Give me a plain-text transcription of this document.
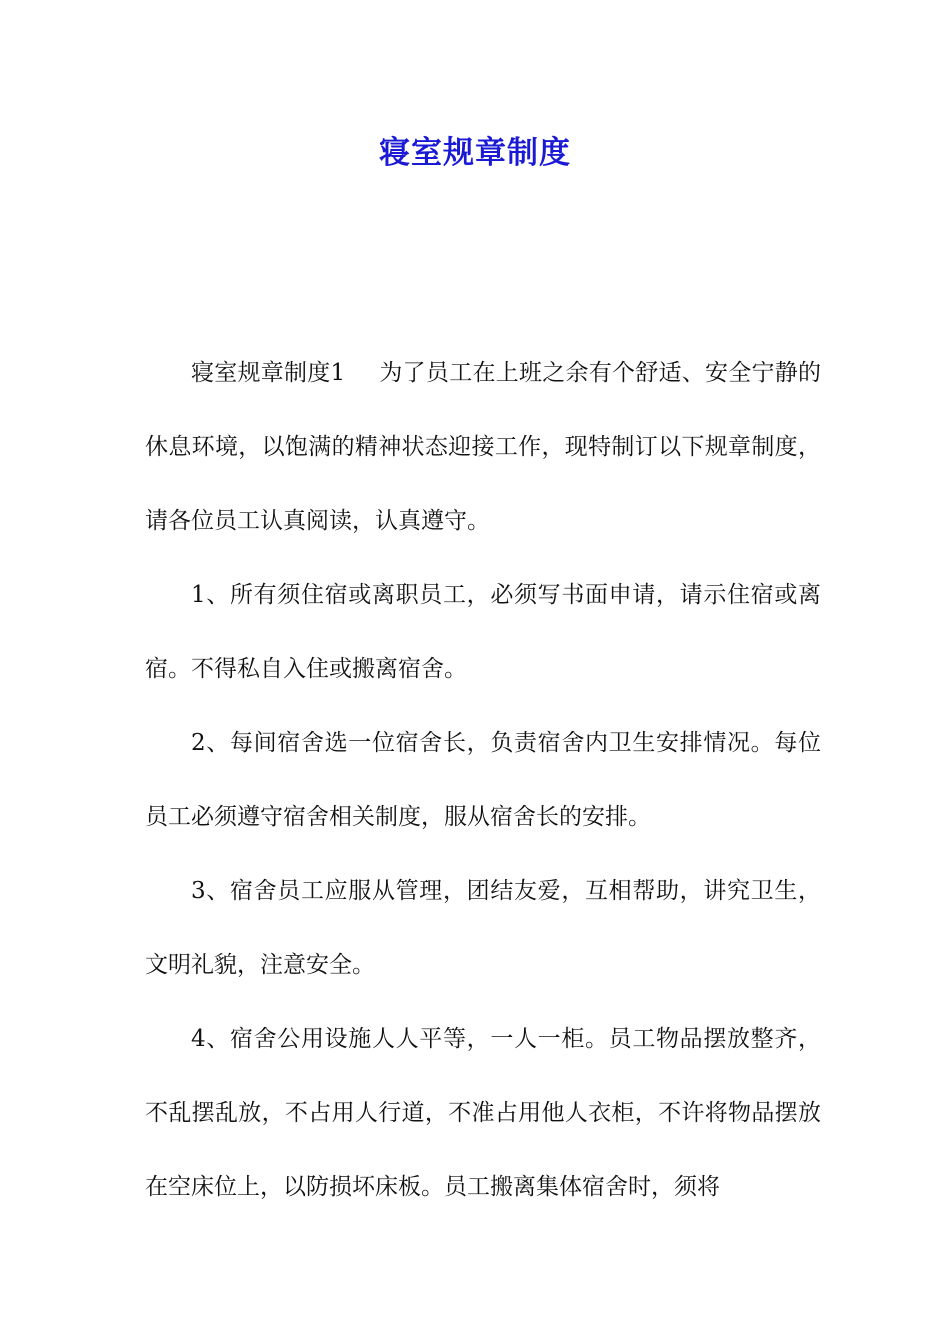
寝室规章制度

寝室规章制度1 为了员工在上班之余有个舒适、安全宁静的休息环境，以饱满的精神状态迎接工作，现特制订以下规章制度，请各位员工认真阅读，认真遵守。

1、所有须住宿或离职员工，必须写书面申请，请示住宿或离宿。不得私自入住或搬离宿舍。

2、每间宿舍选一位宿舍长，负责宿舍内卫生安排情况。每位员工必须遵守宿舍相关制度，服从宿舍长的安排。

3、宿舍员工应服从管理，团结友爱，互相帮助，讲究卫生，文明礼貌，注意安全。

4、宿舍公用设施人人平等，一人一柜。员工物品摆放整齐，不乱摆乱放，不占用人行道，不准占用他人衣柜，不许将物品摆放在空床位上，以防损坏床板。员工搬离集体宿舍时，须将
